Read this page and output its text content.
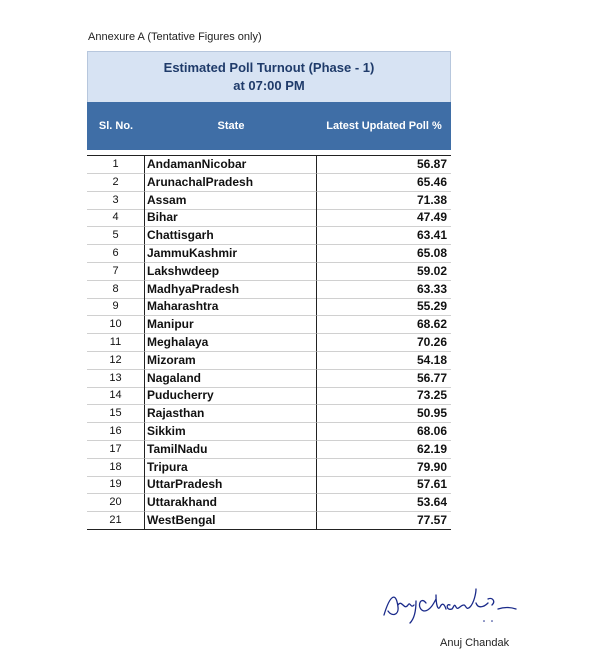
Annexure A (Tentative Figures only)
Estimated Poll Turnout (Phase - 1)
at 07:00 PM
Sl. No.	State	Latest Updated Poll %
1	AndamanNicobar	56.87
2	ArunachalPradesh	65.46
3	Assam	71.38
4	Bihar	47.49
5	Chattisgarh	63.41
6	JammuKashmir	65.08
7	Lakshwdeep	59.02
8	MadhyaPradesh	63.33
9	Maharashtra	55.29
10	Manipur	68.62
11	Meghalaya	70.26
12	Mizoram	54.18
13	Nagaland	56.77
14	Puducherry	73.25
15	Rajasthan	50.95
16	Sikkim	68.06
17	TamilNadu	62.19
18	Tripura	79.90
19	UttarPradesh	57.61
20	Uttarakhand	53.64
21	WestBengal	77.57
Anuj Chandak
